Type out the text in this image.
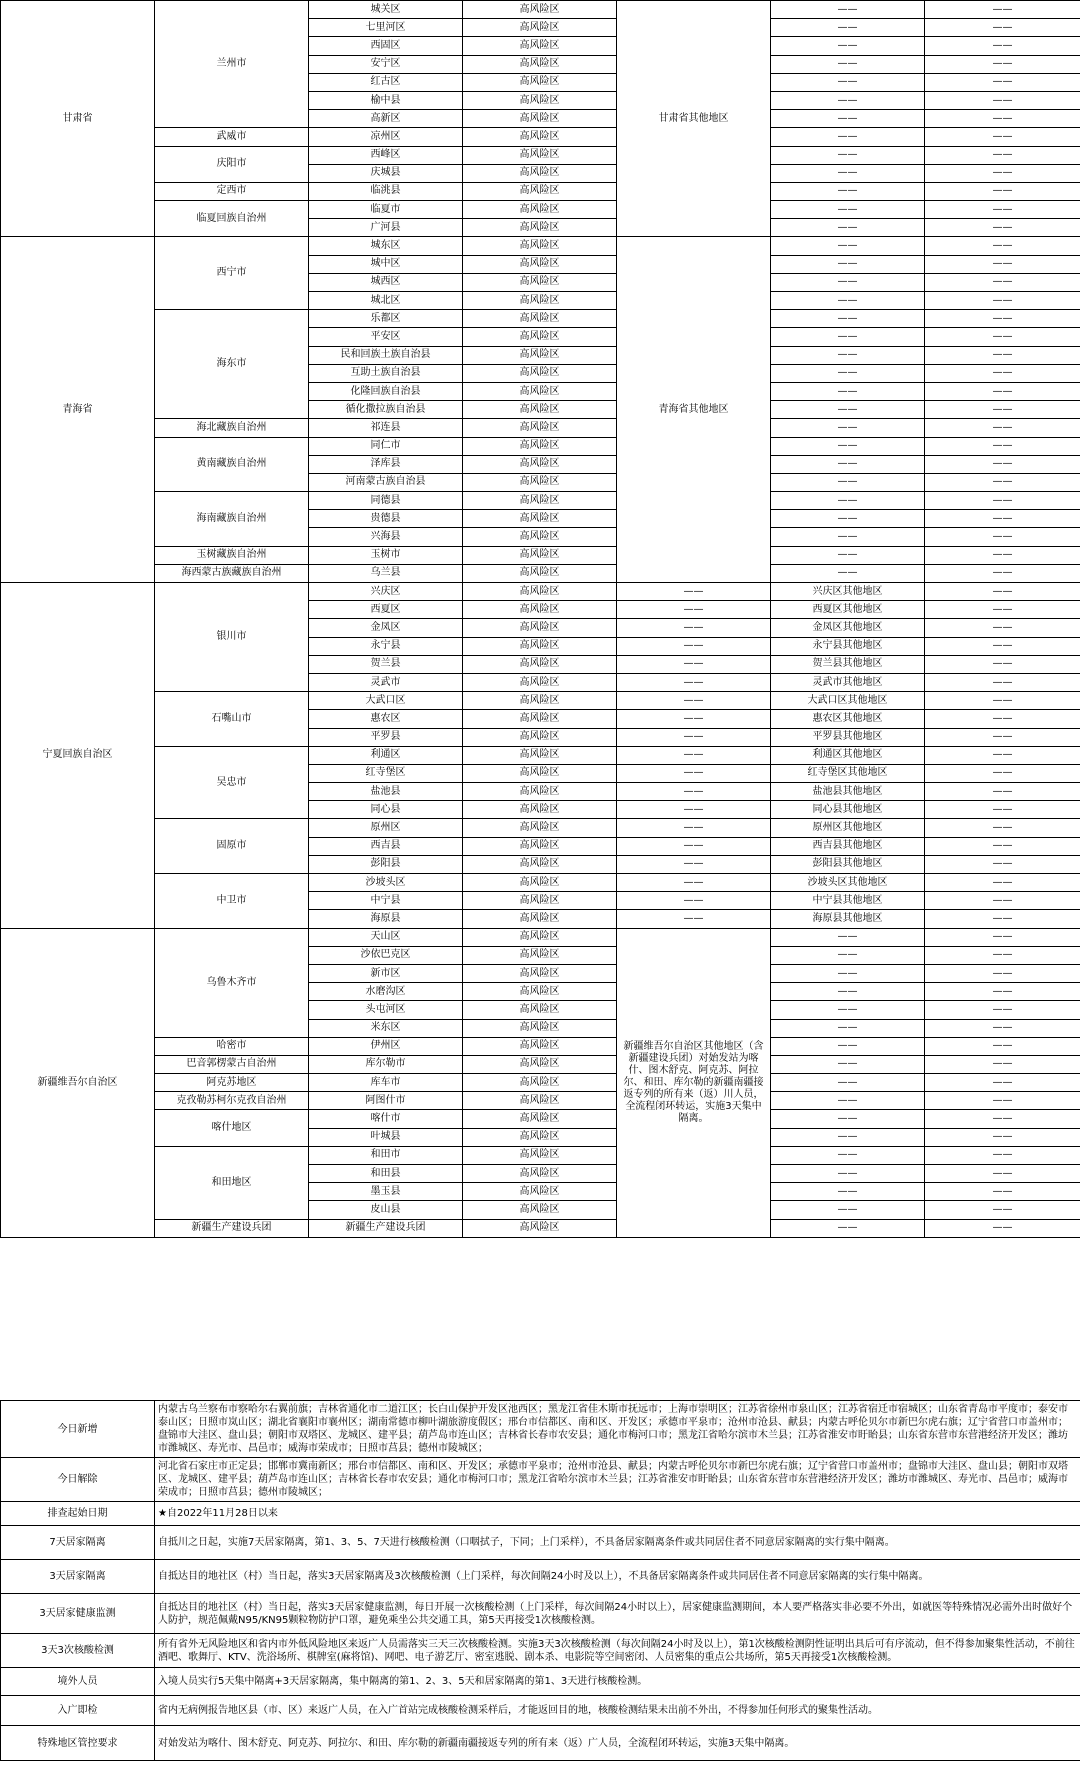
甘肃省	兰州市	城关区	高风险区	甘肃省其他地区	——	——
		七里河区	高风险区		——	——
		西固区	高风险区		——	——
		安宁区	高风险区		——	——
		红古区	高风险区		——	——
		榆中县	高风险区		——	——
		高新区	高风险区		——	——
	武威市	凉州区	高风险区		——	——
	庆阳市	西峰区	高风险区		——	——
		庆城县	高风险区		——	——
	定西市	临洮县	高风险区		——	——
	临夏回族自治州	临夏市	高风险区		——	——
		广河县	高风险区		——	——
青海省	西宁市	城东区	高风险区	青海省其他地区	——	——
		城中区	高风险区		——	——
		城西区	高风险区		——	——
		城北区	高风险区		——	——
	海东市	乐都区	高风险区		——	——
		平安区	高风险区		——	——
		民和回族土族自治县	高风险区		——	——
		互助土族自治县	高风险区		——	——
		化隆回族自治县	高风险区		——	——
		循化撒拉族自治县	高风险区		——	——
	海北藏族自治州	祁连县	高风险区		——	——
	黄南藏族自治州	同仁市	高风险区		——	——
		泽库县	高风险区		——	——
		河南蒙古族自治县	高风险区		——	——
	海南藏族自治州	同德县	高风险区		——	——
		贵德县	高风险区		——	——
		兴海县	高风险区		——	——
	玉树藏族自治州	玉树市	高风险区		——	——
	海西蒙古族藏族自治州	乌兰县	高风险区		——	——
宁夏回族自治区	银川市	兴庆区	高风险区	——	兴庆区其他地区	——
		西夏区	高风险区	——	西夏区其他地区	——
		金凤区	高风险区	——	金凤区其他地区	——
		永宁县	高风险区	——	永宁县其他地区	——
		贺兰县	高风险区	——	贺兰县其他地区	——
		灵武市	高风险区	——	灵武市其他地区	——
	石嘴山市	大武口区	高风险区	——	大武口区其他地区	——
		惠农区	高风险区	——	惠农区其他地区	——
		平罗县	高风险区	——	平罗县其他地区	——
	吴忠市	利通区	高风险区	——	利通区其他地区	——
		红寺堡区	高风险区	——	红寺堡区其他地区	——
		盐池县	高风险区	——	盐池县其他地区	——
		同心县	高风险区	——	同心县其他地区	——
	固原市	原州区	高风险区	——	原州区其他地区	——
		西吉县	高风险区	——	西吉县其他地区	——
		彭阳县	高风险区	——	彭阳县其他地区	——
	中卫市	沙坡头区	高风险区	——	沙坡头区其他地区	——
		中宁县	高风险区	——	中宁县其他地区	——
		海原县	高风险区	——	海原县其他地区	——
新疆维吾尔自治区	乌鲁木齐市	天山区	高风险区	新疆维吾尔自治区其他地区（含新疆建设兵团）对始发站为喀什、图木舒克、阿克苏、阿拉尔、和田、库尔勒的新疆南疆接返专列的所有来（返）川人员，全流程闭环转运，实施3天集中隔离。	——	——
		沙依巴克区	高风险区		——	——
		新市区	高风险区		——	——
		水磨沟区	高风险区		——	——
		头屯河区	高风险区		——	——
		米东区	高风险区		——	——
	哈密市	伊州区	高风险区		——	——
	巴音郭楞蒙古自治州	库尔勒市	高风险区		——	——
	阿克苏地区	库车市	高风险区		——	——
	克孜勒苏柯尔克孜自治州	阿图什市	高风险区		——	——
	喀什地区	喀什市	高风险区		——	——
		叶城县	高风险区		——	——
	和田地区	和田市	高风险区		——	——
		和田县	高风险区		——	——
		墨玉县	高风险区		——	——
		皮山县	高风险区		——	——
	新疆生产建设兵团	新疆生产建设兵团	高风险区		——	——
今日新增	内蒙古乌兰察布市察哈尔右翼前旗；吉林省通化市二道江区；长白山保护开发区池西区；黑龙江省佳木斯市抚远市；上海市崇明区；江苏省徐州市泉山区；江苏省宿迁市宿城区；山东省青岛市平度市；泰安市泰山区；日照市岚山区；湖北省襄阳市襄州区；湖南常德市柳叶湖旅游度假区；邢台市信都区、南和区、开发区；承德市平泉市；沧州市沧县、献县；内蒙古呼伦贝尔市新巴尔虎右旗；辽宁省营口市盖州市；盘锦市大洼区、盘山县；朝阳市双塔区、龙城区、建平县；葫芦岛市连山区；吉林省长春市农安县；通化市梅河口市；黑龙江省哈尔滨市木兰县；江苏省淮安市盱眙县；山东省东营市东营港经济开发区；潍坊市潍城区、寿光市、昌邑市；威海市荣成市；日照市莒县；德州市陵城区；
今日解除	河北省石家庄市正定县；邯郸市冀南新区；邢台市信都区、南和区、开发区；承德市平泉市；沧州市沧县、献县；内蒙古呼伦贝尔市新巴尔虎右旗；辽宁省营口市盖州市；盘锦市大洼区、盘山县；朝阳市双塔区、龙城区、建平县；葫芦岛市连山区；吉林省长春市农安县；通化市梅河口市；黑龙江省哈尔滨市木兰县；江苏省淮安市盱眙县；山东省东营市东营港经济开发区；潍坊市潍城区、寿光市、昌邑市；威海市荣成市；日照市莒县；德州市陵城区；
排查起始日期	★自2022年11月28日以来
7天居家隔离	自抵川之日起，实施7天居家隔离，第1、3、5、7天进行核酸检测（口咽拭子，下同；上门采样），不具备居家隔离条件或共同居住者不同意居家隔离的实行集中隔离。
3天居家隔离	自抵达目的地社区（村）当日起，落实3天居家隔离及3次核酸检测（上门采样，每次间隔24小时及以上），不具备居家隔离条件或共同居住者不同意居家隔离的实行集中隔离。
3天居家健康监测	自抵达目的地社区（村）当日起，落实3天居家健康监测，每日开展一次核酸检测（上门采样，每次间隔24小时以上），居家健康监测期间，本人要严格落实非必要不外出，如就医等特殊情况必需外出时做好个人防护，规范佩戴N95/KN95颗粒物防护口罩，避免乘坐公共交通工具，第5天再接受1次核酸检测。
3天3次核酸检测	所有省外无风险地区和省内市外低风险地区来返广人员需落实三天三次核酸检测。实施3天3次核酸检测（每次间隔24小时及以上），第1次核酸检测阴性证明出具后可有序流动，但不得参加聚集性活动，不前往酒吧、歌舞厅、KTV、洗浴场所、棋牌室(麻将馆)、网吧、电子游艺厅、密室逃脱、剧本杀、电影院等空间密闭、人员密集的重点公共场所，第5天再接受1次核酸检测。
境外人员	入境人员实行5天集中隔离+3天居家隔离，集中隔离的第1、2、3、5天和居家隔离的第1、3天进行核酸检测。
入广即检	省内无病例报告地区县（市、区）来返广人员，在入广首站完成核酸检测采样后，才能返回目的地，核酸检测结果未出前不外出，不得参加任何形式的聚集性活动。
特殊地区管控要求	对始发站为喀什、图木舒克、阿克苏、阿拉尔、和田、库尔勒的新疆南疆接返专列的所有来（返）广人员，全流程闭环转运，实施3天集中隔离。
